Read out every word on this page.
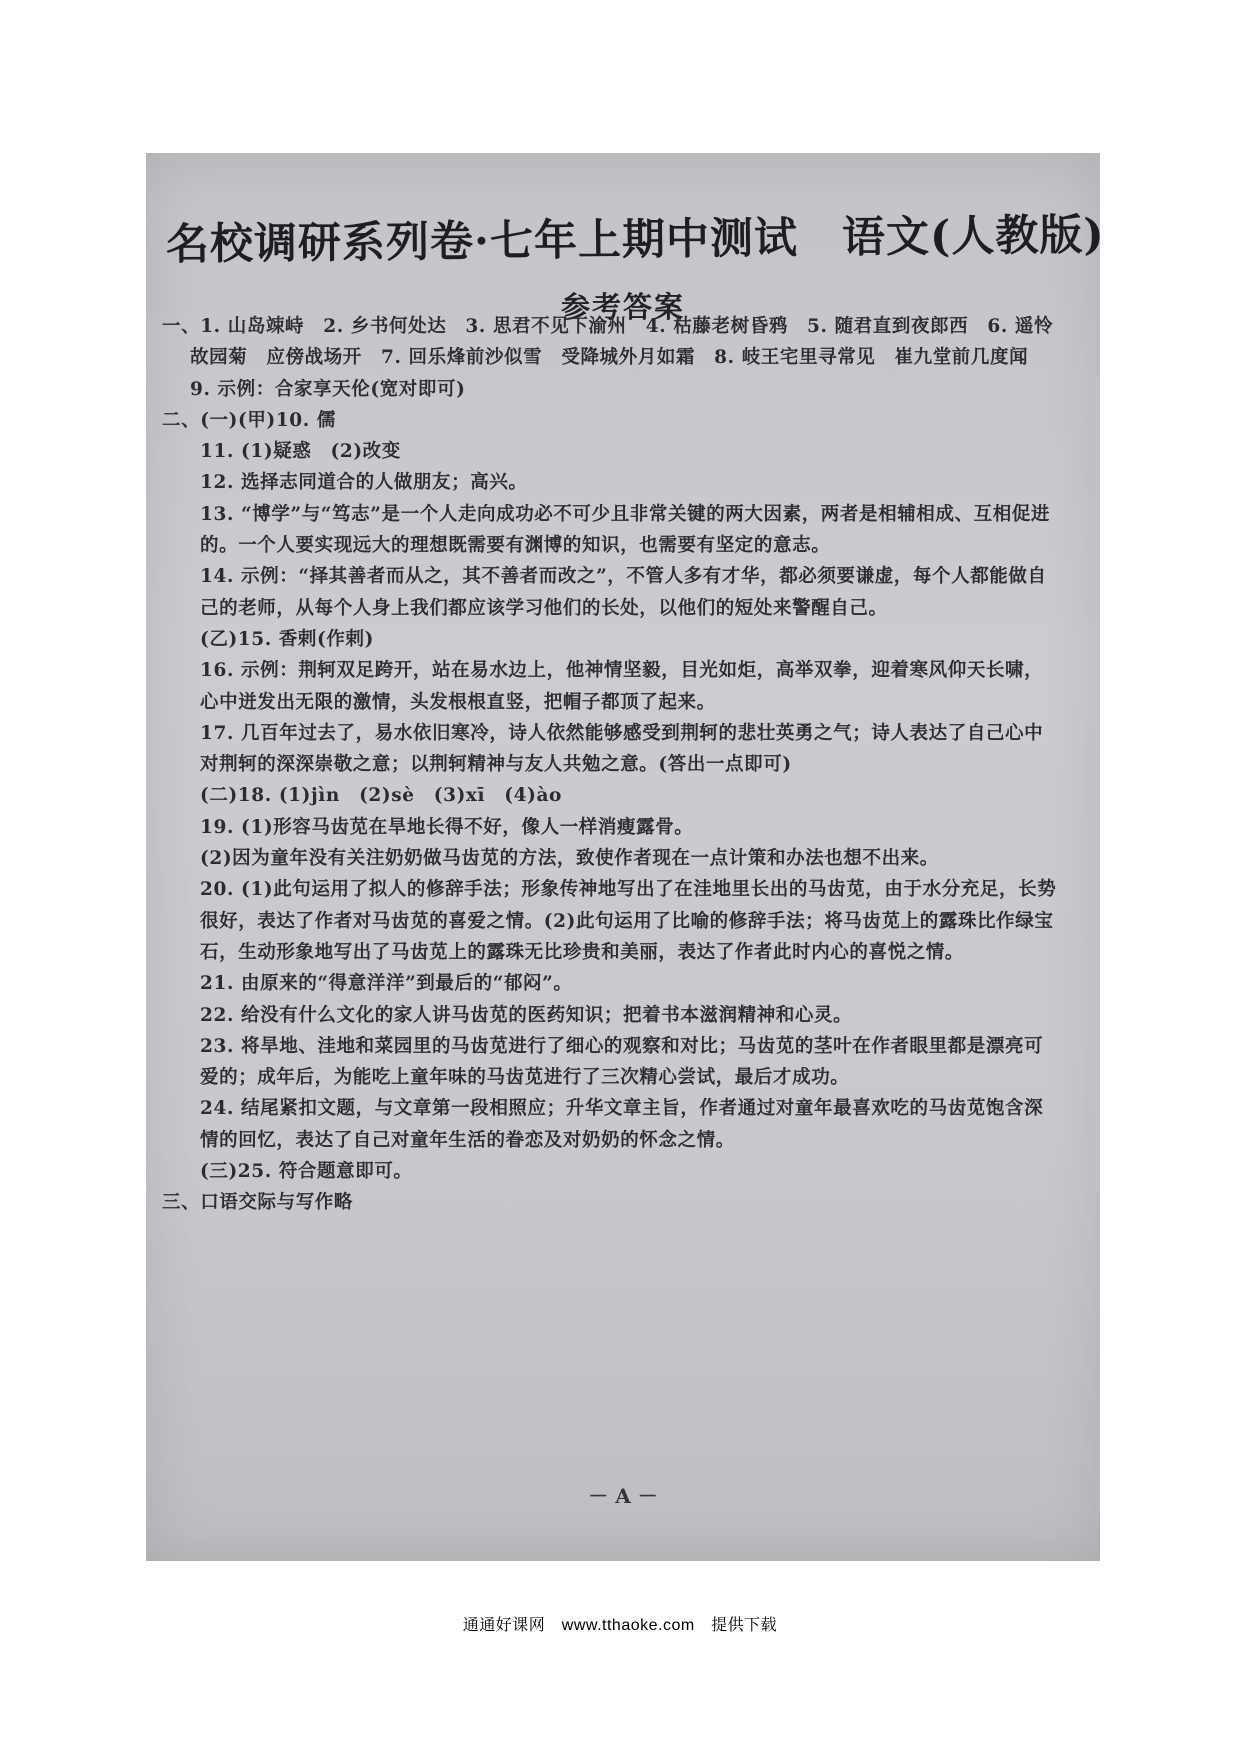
名校调研系列卷·七年上期中测试　语文(人教版)
参考答案

一、1. 山岛竦峙　2. 乡书何处达　3. 思君不见下渝州　4. 枯藤老树昏鸦　5. 随君直到夜郎西　6. 遥怜故园菊　应傍战场开　7. 回乐烽前沙似雪　受降城外月如霜　8. 岐王宅里寻常见　崔九堂前几度闻　9. 示例：合家享天伦(宽对即可)

二、(一)(甲)10. 儒

11. (1)疑惑　(2)改变

12. 选择志同道合的人做朋友；高兴。

13. “博学”与“笃志”是一个人走向成功必不可少且非常关键的两大因素，两者是相辅相成、互相促进的。一个人要实现远大的理想既需要有渊博的知识，也需要有坚定的意志。

14. 示例：“择其善者而从之，其不善者而改之”，不管人多有才华，都必须要谦虚，每个人都能做自己的老师，从每个人身上我们都应该学习他们的长处，以他们的短处来警醒自己。

(乙)15. 香剌(作剌)

16. 示例：荆轲双足跨开，站在易水边上，他神情坚毅，目光如炬，高举双拳，迎着寒风仰天长啸，心中迸发出无限的激情，头发根根直竖，把帽子都顶了起来。

17. 几百年过去了，易水依旧寒冷，诗人依然能够感受到荆轲的悲壮英勇之气；诗人表达了自己心中对荆轲的深深崇敬之意；以荆轲精神与友人共勉之意。(答出一点即可)

(二)18. (1)jìn　(2)sè　(3)xī　(4)ào

19. (1)形容马齿苋在旱地长得不好，像人一样消瘦露骨。

(2)因为童年没有关注奶奶做马齿苋的方法，致使作者现在一点计策和办法也想不出来。

20. (1)此句运用了拟人的修辞手法；形象传神地写出了在洼地里长出的马齿苋，由于水分充足，长势很好，表达了作者对马齿苋的喜爱之情。(2)此句运用了比喻的修辞手法；将马齿苋上的露珠比作绿宝石，生动形象地写出了马齿苋上的露珠无比珍贵和美丽，表达了作者此时内心的喜悦之情。

21. 由原来的“得意洋洋”到最后的“郁闷”。

22. 给没有什么文化的家人讲马齿苋的医药知识；把着书本滋润精神和心灵。

23. 将旱地、洼地和菜园里的马齿苋进行了细心的观察和对比；马齿苋的茎叶在作者眼里都是漂亮可爱的；成年后，为能吃上童年味的马齿苋进行了三次精心尝试，最后才成功。

24. 结尾紧扣文题，与文章第一段相照应；升华文章主旨，作者通过对童年最喜欢吃的马齿苋饱含深情的回忆，表达了自己对童年生活的眷恋及对奶奶的怀念之情。

(三)25. 符合题意即可。

三、口语交际与写作略

－ A －
通通好课网　www.tthaoke.com　提供下载
